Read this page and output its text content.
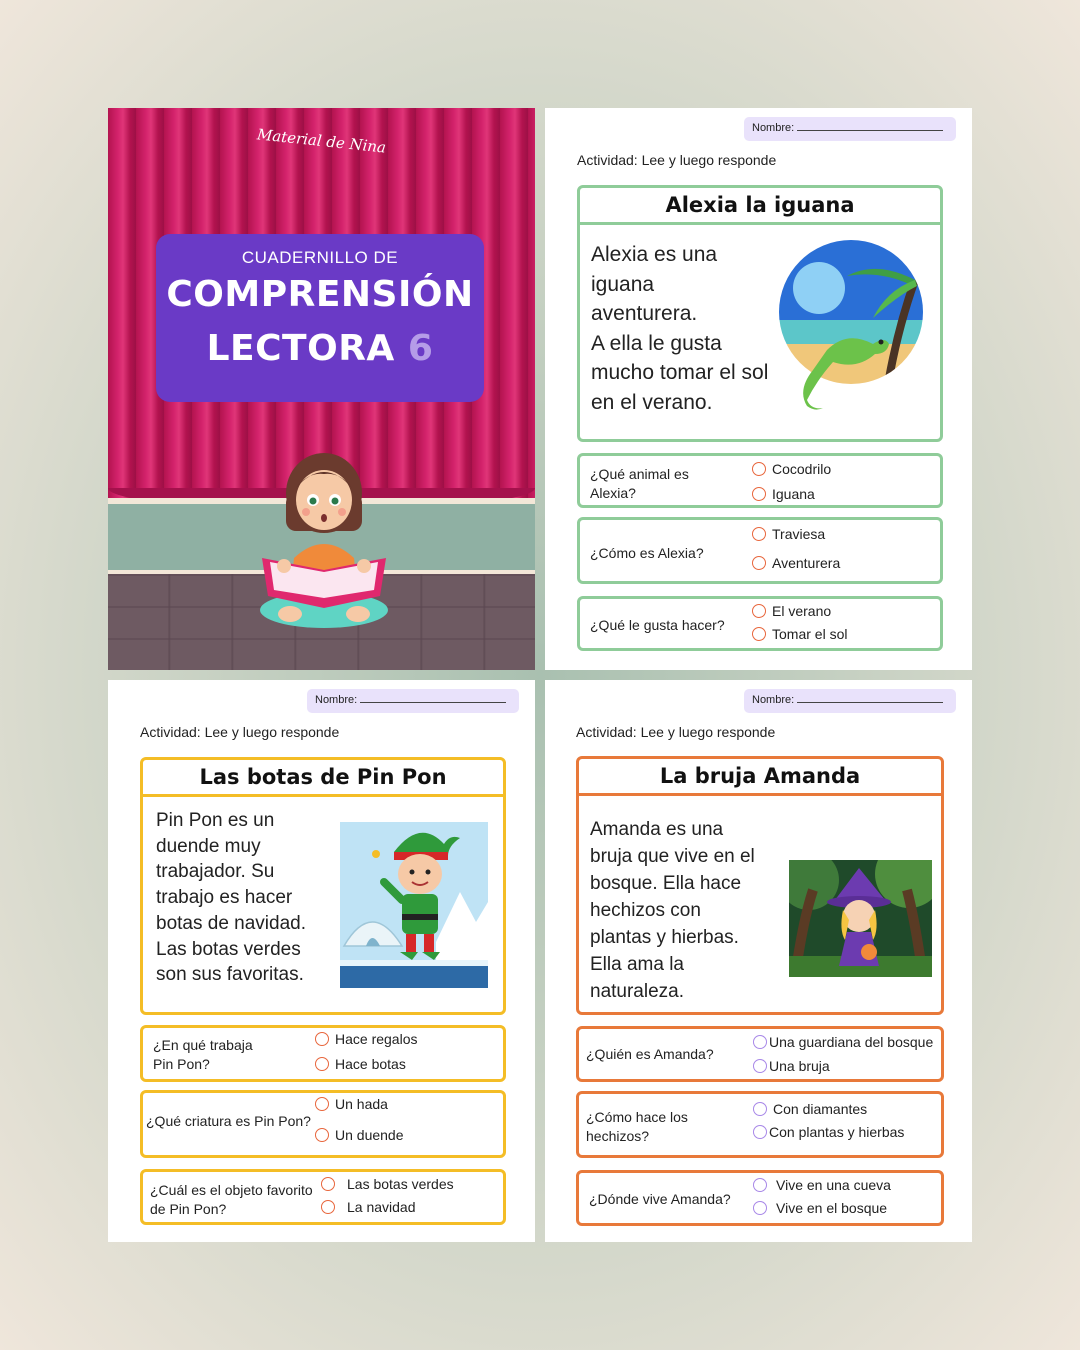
Material de Nina
CUADERNILLO DE
COMPRENSIÓN
LECTORA 6
Nombre:
Actividad: Lee y luego responde
Alexia la iguana
Alexia es una
iguana
aventurera.
A ella le gusta
mucho tomar el sol
en el verano.
¿Qué animal es
Alexia?
Cocodrilo
Iguana
¿Cómo es Alexia?
Traviesa
Aventurera
¿Qué le gusta hacer?
El verano
Tomar el sol
Nombre:
Actividad: Lee y luego responde
Las botas de Pin Pon
Pin Pon es un
duende muy
trabajador. Su
trabajo es hacer
botas de navidad.
Las botas verdes
son sus favoritas.
¿En qué trabaja
Pin Pon?
Hace regalos
Hace botas
¿Qué criatura es Pin Pon?
Un hada
Un duende
¿Cuál es el objeto favorito
de Pin Pon?
Las botas verdes
La navidad
Nombre:
Actividad: Lee y luego responde
La bruja Amanda
Amanda es una
bruja que vive en el
bosque. Ella hace
hechizos con
plantas y hierbas.
Ella ama la
naturaleza.
¿Quién es Amanda?
Una guardiana del bosque
Una bruja
¿Cómo hace los
hechizos?
Con diamantes
Con plantas y hierbas
¿Dónde vive Amanda?
Vive en una cueva
Vive en el bosque
